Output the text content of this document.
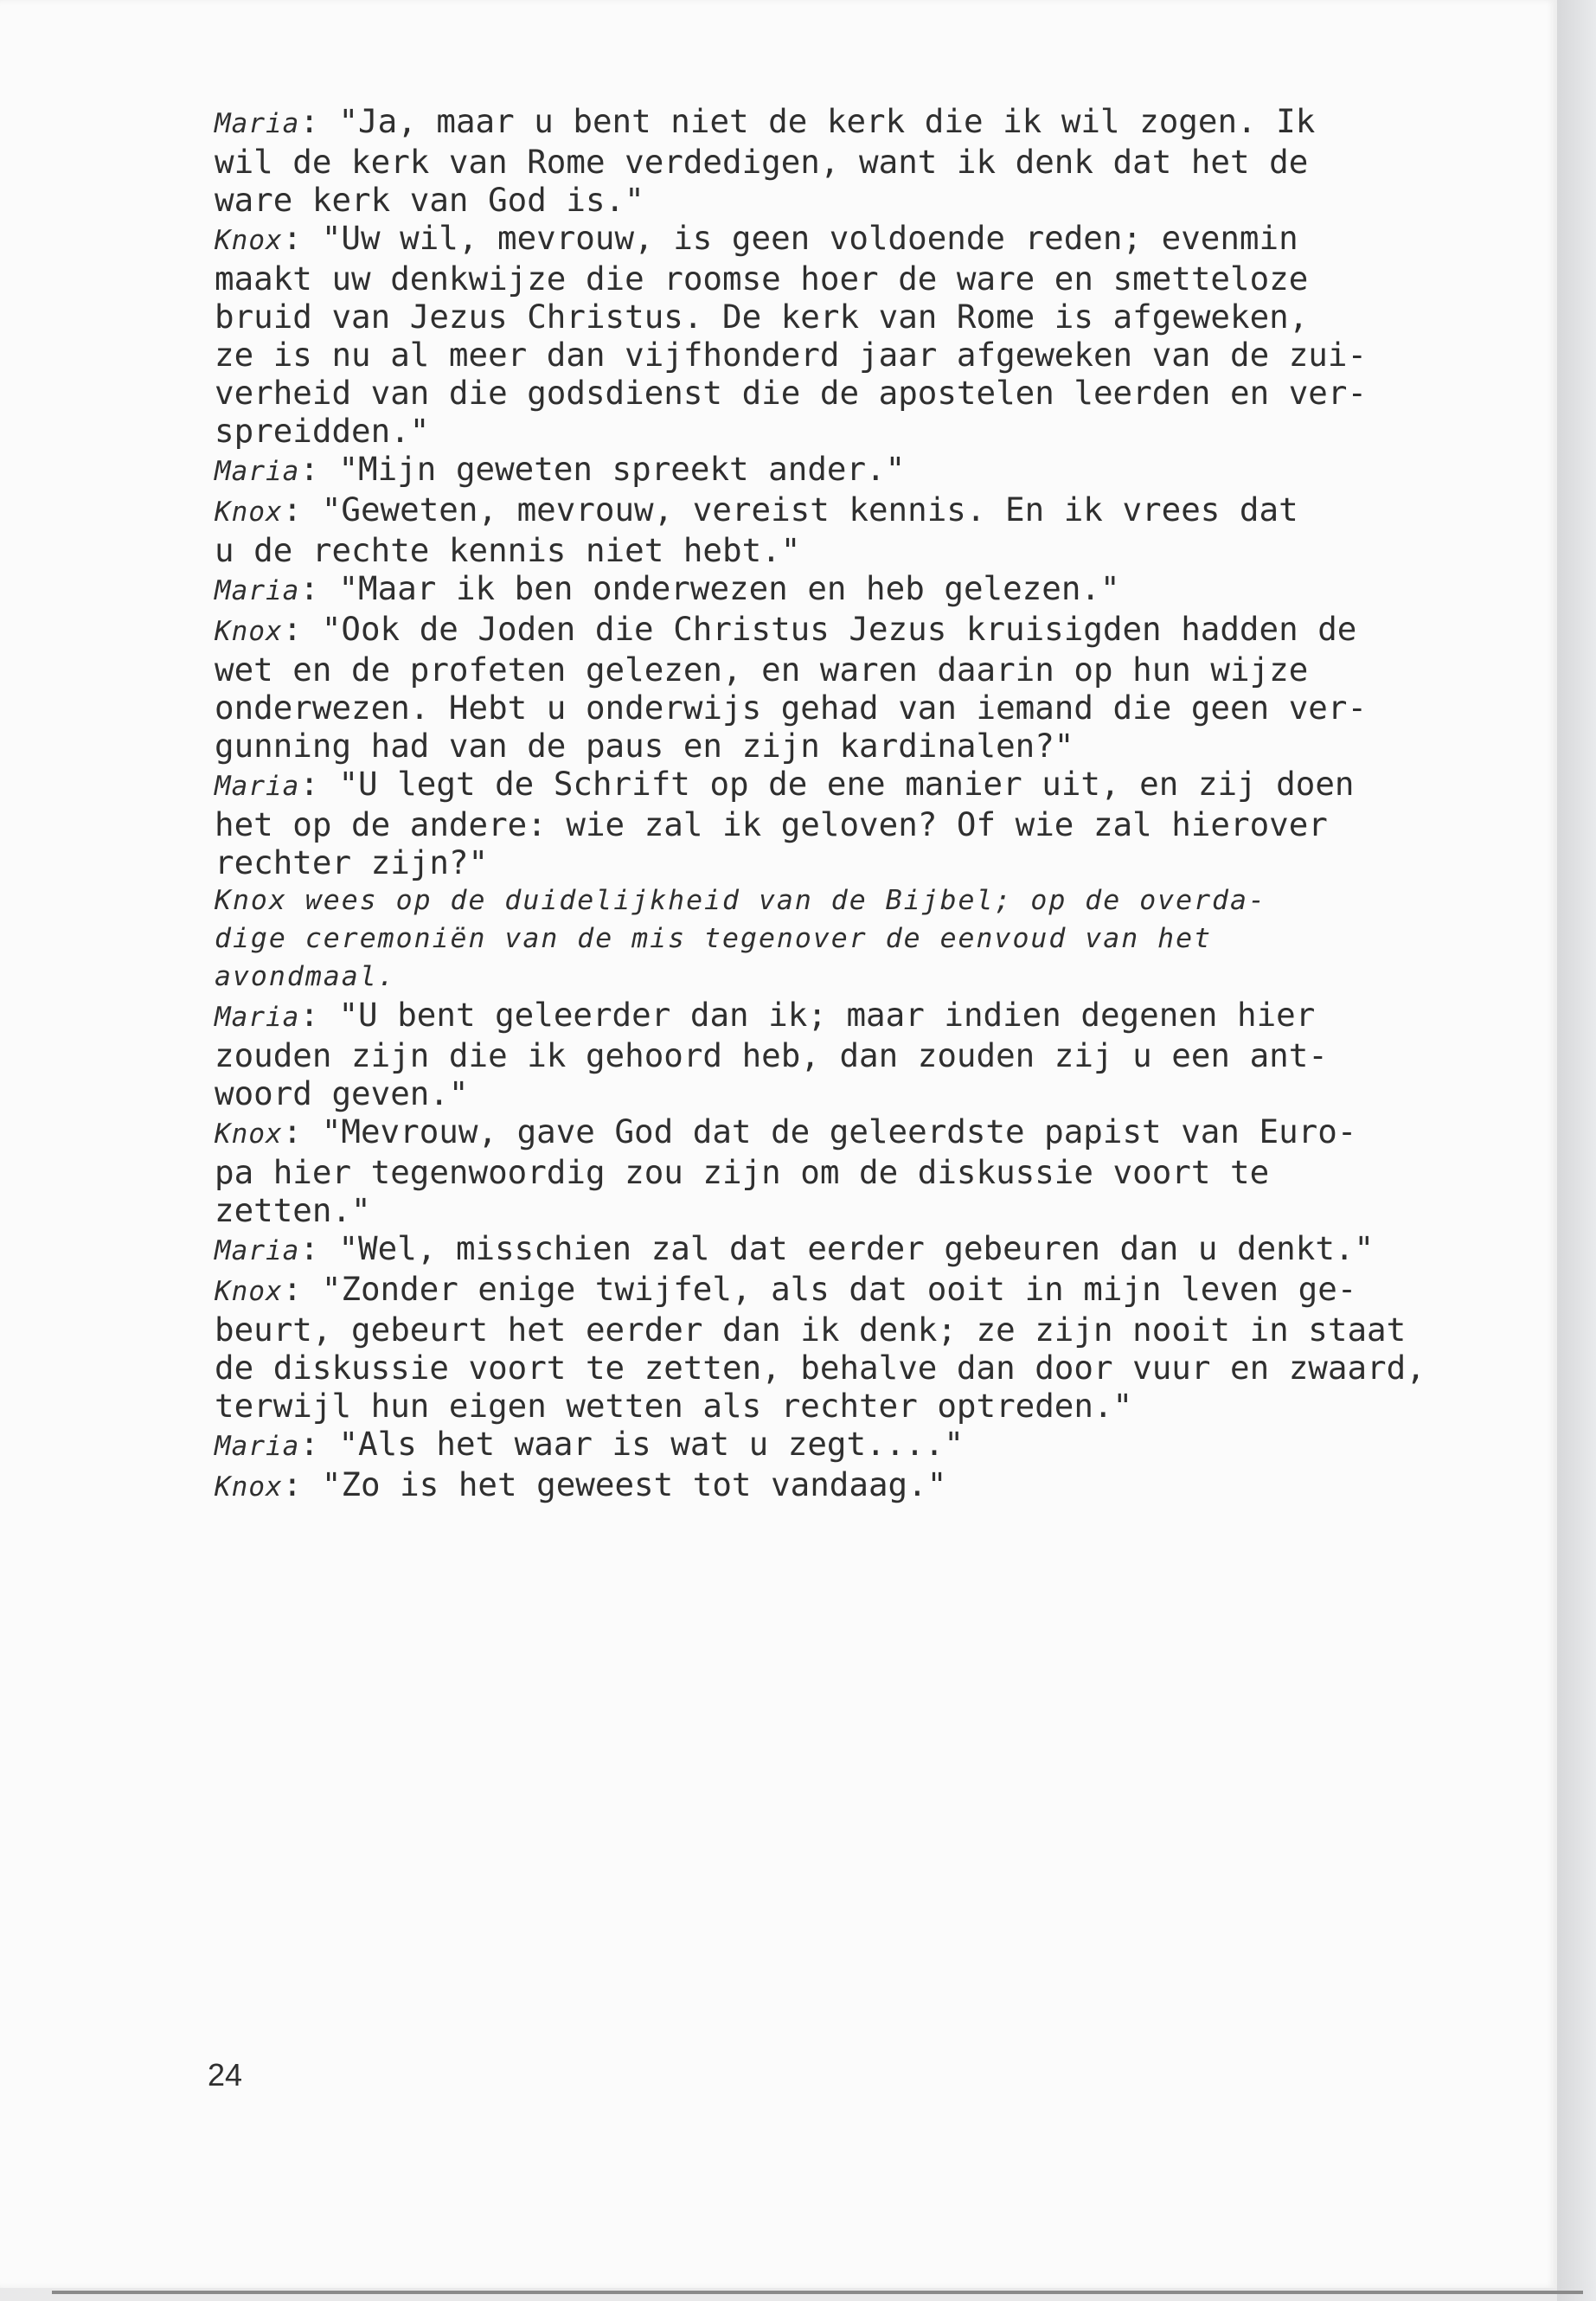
Maria: "Ja, maar u bent niet de kerk die ik wil zogen. Ik
wil de kerk van Rome verdedigen, want ik denk dat het de
ware kerk van God is."
Knox: "Uw wil, mevrouw, is geen voldoende reden; evenmin
maakt uw denkwijze die roomse hoer de ware en smetteloze
bruid van Jezus Christus. De kerk van Rome is afgeweken,
ze is nu al meer dan vijfhonderd jaar afgeweken van de zui-
verheid van die godsdienst die de apostelen leerden en ver-
spreidden."
Maria: "Mijn geweten spreekt ander."
Knox: "Geweten, mevrouw, vereist kennis. En ik vrees dat
u de rechte kennis niet hebt."
Maria: "Maar ik ben onderwezen en heb gelezen."
Knox: "Ook de Joden die Christus Jezus kruisigden hadden de
wet en de profeten gelezen, en waren daarin op hun wijze
onderwezen. Hebt u onderwijs gehad van iemand die geen ver-
gunning had van de paus en zijn kardinalen?"
Maria: "U legt de Schrift op de ene manier uit, en zij doen
het op de andere: wie zal ik geloven? Of wie zal hierover
rechter zijn?"
Knox wees op de duidelijkheid van de Bijbel; op de overda-
dige ceremoniën van de mis tegenover de eenvoud van het
avondmaal.
Maria: "U bent geleerder dan ik; maar indien degenen hier
zouden zijn die ik gehoord heb, dan zouden zij u een ant-
woord geven."
Knox: "Mevrouw, gave God dat de geleerdste papist van Euro-
pa hier tegenwoordig zou zijn om de diskussie voort te zetten."
Maria: "Wel, misschien zal dat eerder gebeuren dan u denkt."
Knox: "Zonder enige twijfel, als dat ooit in mijn leven ge-
beurt, gebeurt het eerder dan ik denk; ze zijn nooit in staat
de diskussie voort te zetten, behalve dan door vuur en zwaard,
terwijl hun eigen wetten als rechter optreden."
Maria: "Als het waar is wat u zegt...."
Knox: "Zo is het geweest tot vandaag."
24
